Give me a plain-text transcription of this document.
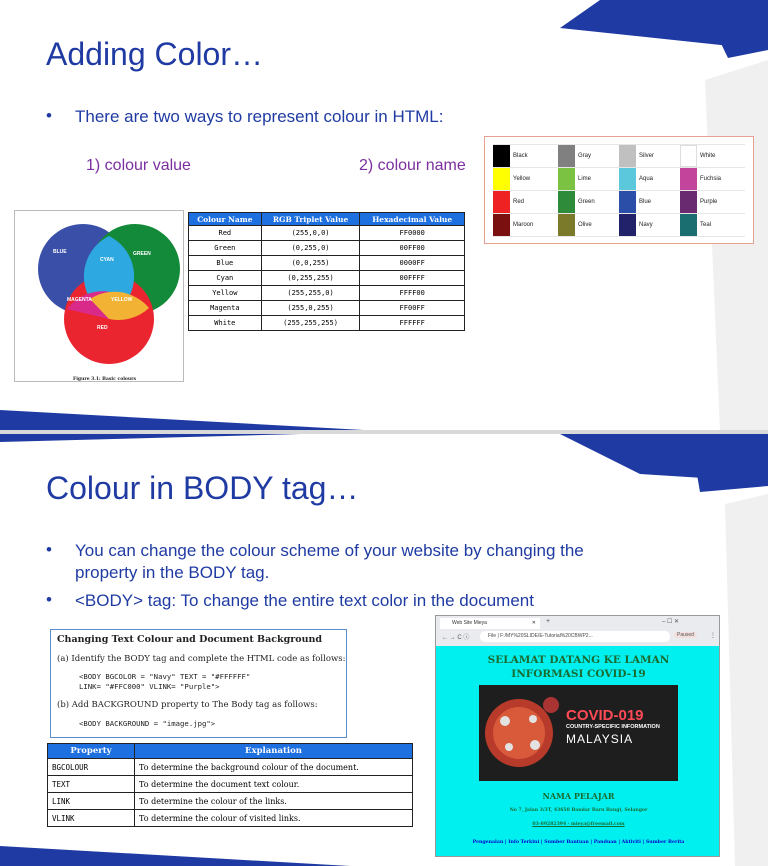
Adding Color…
• There are two ways to represent colour in HTML:
1) colour value	2) colour name
BLUE	GREEN
CYAN
MAGENTA	YELLOW
RED
Figure 3.1: Basic colours
Colour Name	RGB Triplet Value	Hexadecimal Value
Red	(255,0,0)	FF0000
Green	(0,255,0)	00FF00
Blue	(0,0,255)	0000FF
Cyan	(0,255,255)	00FFFF
Yellow	(255,255,0)	FFFF00
Magenta	(255,0,255)	FF00FF
White	(255,255,255)	FFFFFF
Black	Gray	Silver	White
Yellow	Lime	Aqua	Fuchsia
Red	Green	Blue	Purple
Maroon	Olive	Navy	Teal
Colour in BODY tag…
• You can change the colour scheme of your website by changing the
property in the BODY tag.
• <BODY> tag: To change the entire text color in the document
Changing Text Colour and Document Background
(a) Identify the BODY tag and complete the HTML code as follows:
<BODY BGCOLOR = "Navy" TEXT = "#FFFFFF"
LINK= "#FFC000" VLINK= "Purple">
(b) Add BACKGROUND property to The Body tag as follows:
<BODY BACKGROUND = "image.jpg">
Property	Explanation
BGCOLOUR	To determine the background colour of the document.
TEXT	To determine the document text colour.
LINK	To determine the colour of the links.
VLINK	To determine the colour of visited links.
Web Site Mieya	✕ +	– ☐ ✕
← → C ⓘ	File | F:/MY%20SLIDE/E-Tutorial%20CBWP2...	Paused	⋮
SELAMAT DATANG KE LAMAN
INFORMASI COVID-19
COVID-019
COUNTRY-SPECIFIC INFORMATION
MALAYSIA
NAMA PELAJAR
No 7, Jalan 3/3T, 43650 Bandar Baru Bangi, Selangor
03-89282394 · mieya@freemail.com
Pengenalan | Info Terkini | Sumber Bantuan | Panduan | Aktiviti | Sumber Berita
